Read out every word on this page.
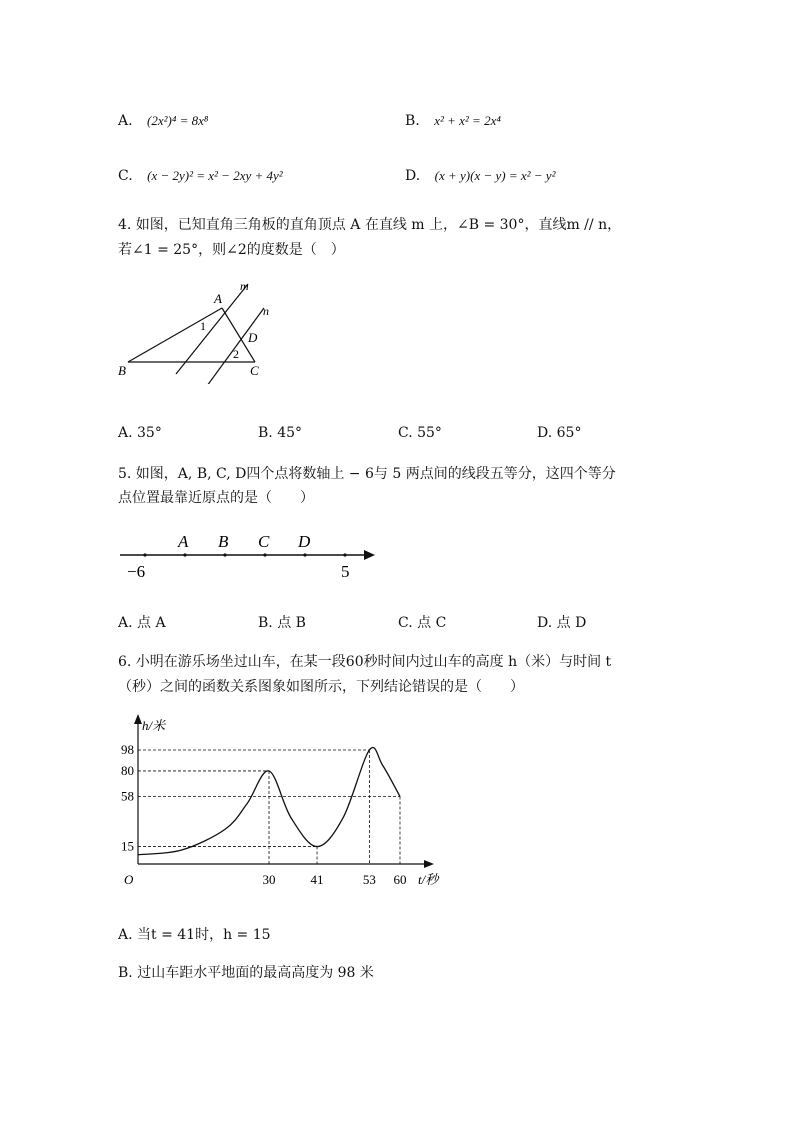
A. (2x²)⁴ = 8x⁸	B. x² + x² = 2x⁴
C. (x − 2y)² = x² − 2xy + 4y²	D. (x + y)(x − y) = x² − y²
4. 如图，已知直角三角板的直角顶点 A 在直线 m 上，∠B = 30°，直线m // n，
若∠1 = 25°，则∠2的度数是（　）
A
B	C
D
m
n
1
2
A. 35°	B. 45°	C. 55°	D. 65°
5. 如图，A, B, C, D四个点将数轴上 − 6与 5 两点间的线段五等分，这四个等分
点位置最靠近原点的是（　　）
A B C D
−6	5
A. 点 A	B. 点 B	C. 点 C	D. 点 D
6. 小明在游乐场坐过山车，在某一段60秒时间内过山车的高度 h（米）与时间 t
（秒）之间的函数关系图象如图所示，下列结论错误的是（　　）
15
58
80
98
30	41	53 60
h/米
t/秒
O
A. 当t = 41时，h = 15
B. 过山车距水平地面的最高高度为 98 米
